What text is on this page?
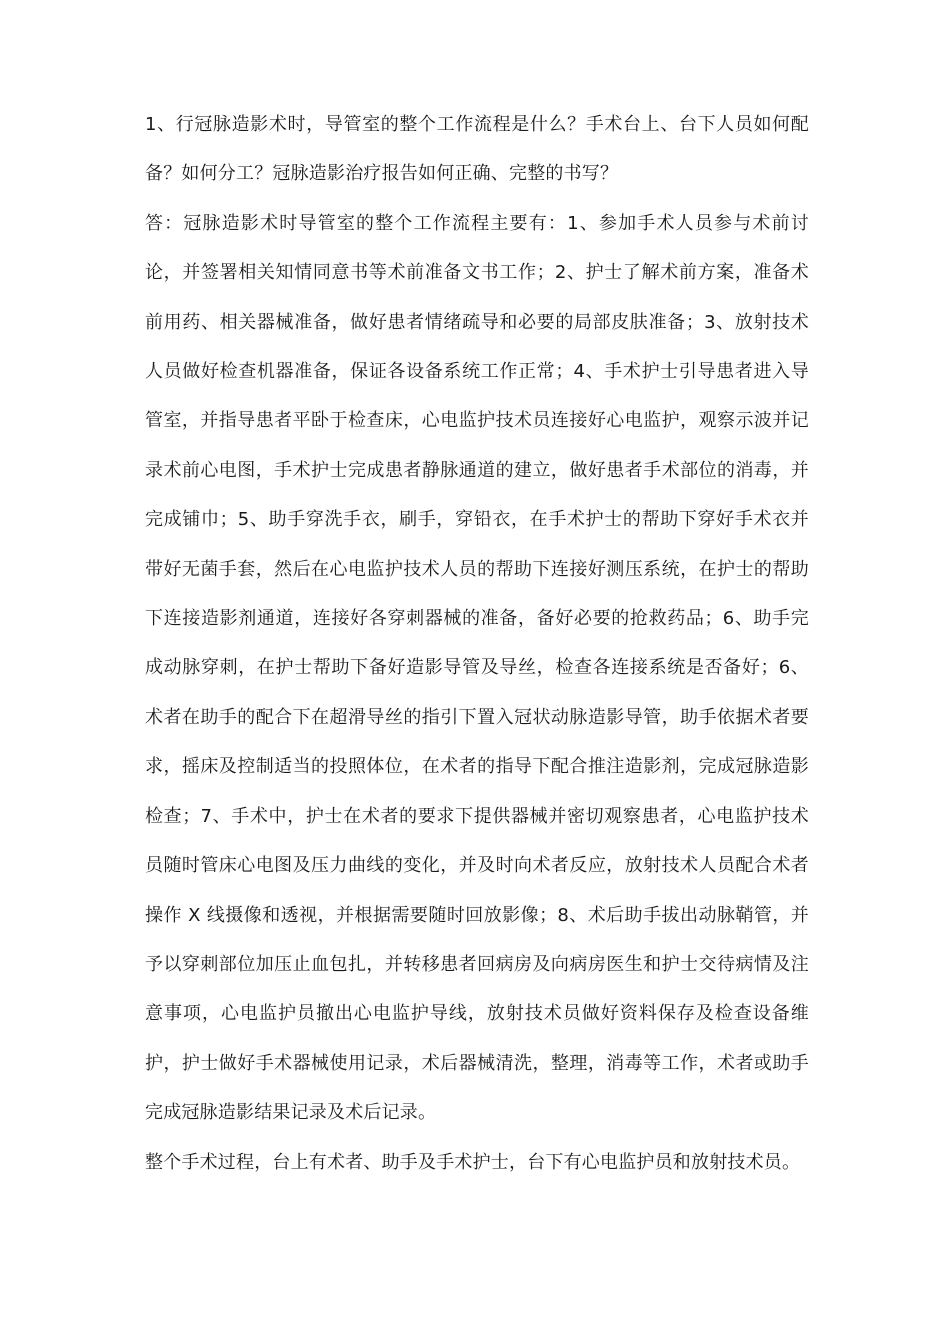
1、行冠脉造影术时，导管室的整个工作流程是什么？手术台上、台下人员如何配备？如何分工？冠脉造影治疗报告如何正确、完整的书写？

答：冠脉造影术时导管室的整个工作流程主要有：1、参加手术人员参与术前讨论，并签署相关知情同意书等术前准备文书工作；2、护士了解术前方案，准备术前用药、相关器械准备，做好患者情绪疏导和必要的局部皮肤准备；3、放射技术人员做好检查机器准备，保证各设备系统工作正常；4、手术护士引导患者进入导管室，并指导患者平卧于检查床，心电监护技术员连接好心电监护，观察示波并记录术前心电图，手术护士完成患者静脉通道的建立，做好患者手术部位的消毒，并完成铺巾；5、助手穿洗手衣，刷手，穿铅衣，在手术护士的帮助下穿好手术衣并带好无菌手套，然后在心电监护技术人员的帮助下连接好测压系统，在护士的帮助下连接造影剂通道，连接好各穿刺器械的准备，备好必要的抢救药品；6、助手完成动脉穿刺，在护士帮助下备好造影导管及导丝，检查各连接系统是否备好；6、术者在助手的配合下在超滑导丝的指引下置入冠状动脉造影导管，助手依据术者要求，摇床及控制适当的投照体位，在术者的指导下配合推注造影剂，完成冠脉造影检查；7、手术中，护士在术者的要求下提供器械并密切观察患者，心电监护技术员随时管床心电图及压力曲线的变化，并及时向术者反应，放射技术人员配合术者操作 X 线摄像和透视，并根据需要随时回放影像；8、术后助手拔出动脉鞘管，并予以穿刺部位加压止血包扎，并转移患者回病房及向病房医生和护士交待病情及注意事项，心电监护员撤出心电监护导线，放射技术员做好资料保存及检查设备维护，护士做好手术器械使用记录，术后器械清洗，整理，消毒等工作，术者或助手完成冠脉造影结果记录及术后记录。

整个手术过程，台上有术者、助手及手术护士，台下有心电监护员和放射技术员。
